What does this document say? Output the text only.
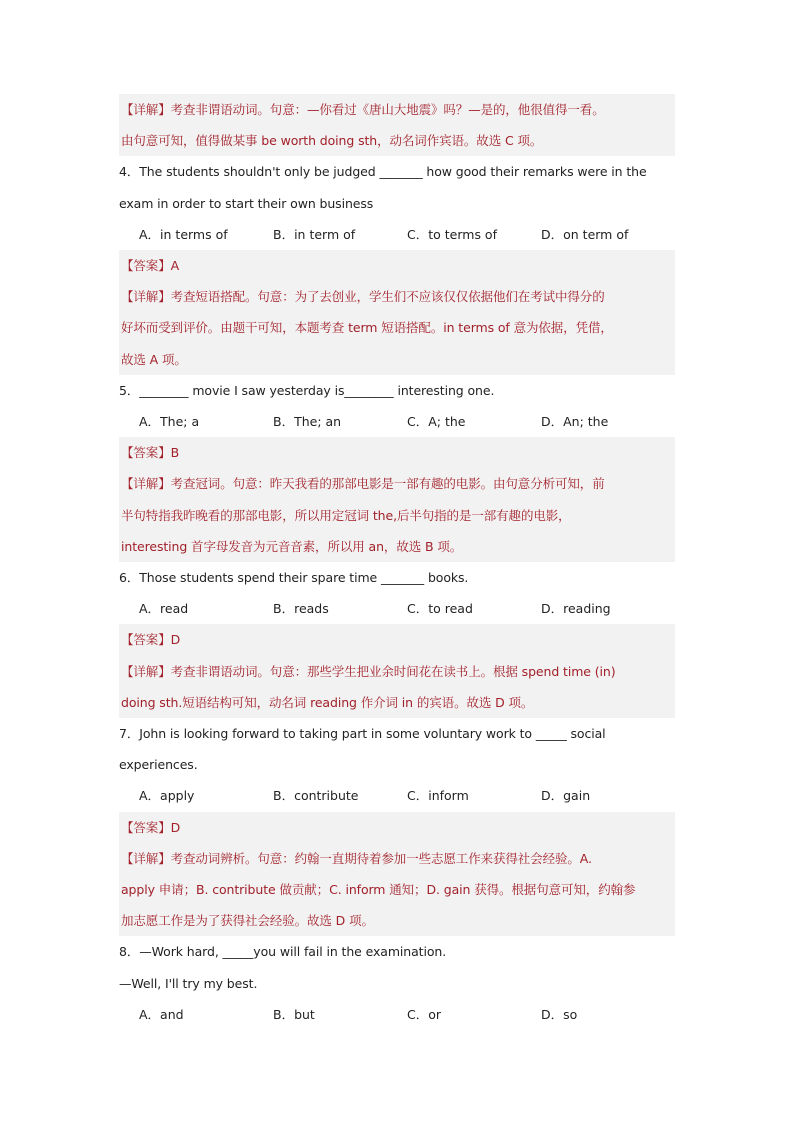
【详解】考查非谓语动词。句意：—你看过《唐山大地震》吗？—是的，他很值得一看。
由句意可知，值得做某事 be worth doing sth，动名词作宾语。故选 C 项。
4．The students shouldn't only be judged _______ how good their remarks were in the
exam in order to start their own business
A．in terms of	B．in term of	C．to terms of	D．on term of
【答案】A
【详解】考查短语搭配。句意：为了去创业，学生们不应该仅仅依据他们在考试中得分的
好坏而受到评价。由题干可知，本题考查 term 短语搭配。in terms of 意为依据，凭借，
故选 A 项。
5．________ movie I saw yesterday is________ interesting one.
A．The; a	B．The; an	C．A; the	D．An; the
【答案】B
【详解】考查冠词。句意：昨天我看的那部电影是一部有趣的电影。由句意分析可知，前
半句特指我昨晚看的那部电影，所以用定冠词 the,后半句指的是一部有趣的电影，
interesting 首字母发音为元音音素，所以用 an，故选 B 项。
6．Those students spend their spare time _______ books.
A．read	B．reads	C．to read	D．reading
【答案】D
【详解】考查非谓语动词。句意：那些学生把业余时间花在读书上。根据 spend time (in)
doing sth.短语结构可知，动名词 reading 作介词 in 的宾语。故选 D 项。
7．John is looking forward to taking part in some voluntary work to _____ social
experiences.
A．apply	B．contribute	C．inform	D．gain
【答案】D
【详解】考查动词辨析。句意：约翰一直期待着参加一些志愿工作来获得社会经验。A.
apply 申请；B. contribute 做贡献；C. inform 通知；D. gain 获得。根据句意可知，约翰参
加志愿工作是为了获得社会经验。故选 D 项。
8．—Work hard, _____you will fail in the examination.
—Well, I'll try my best.
A．and	B．but	C．or	D．so
